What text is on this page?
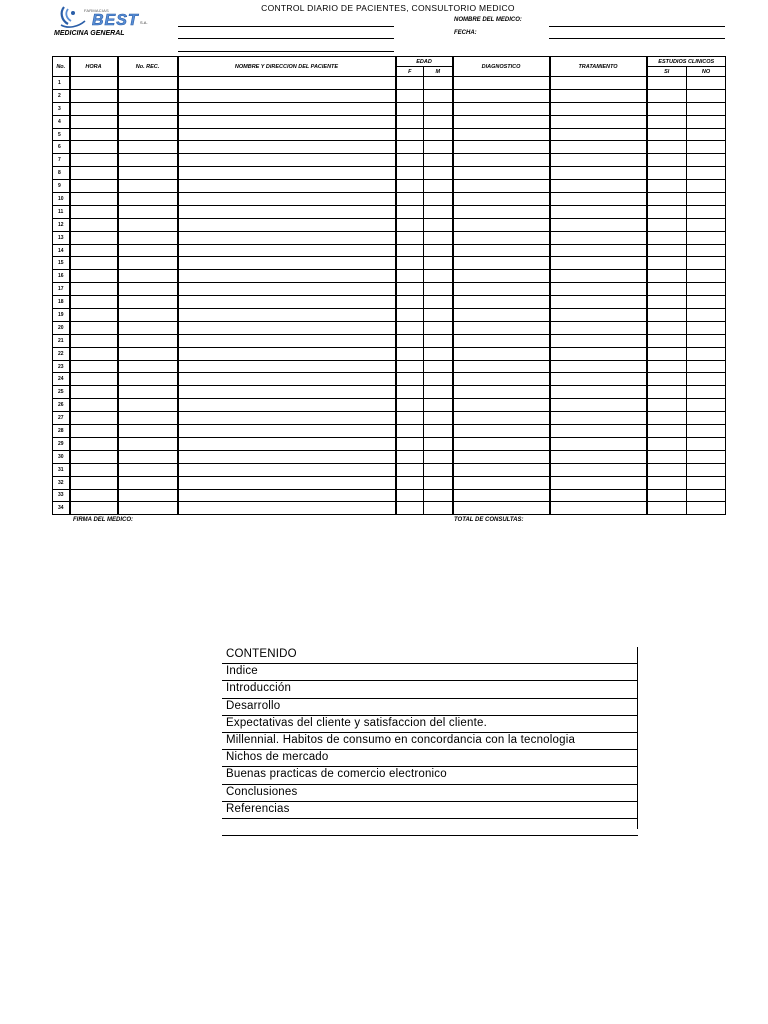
FARMACIAS
BEST S.A.
MEDICINA GENERAL
CONTROL DIARIO DE PACIENTES, CONSULTORIO MEDICO
NOMBRE DEL MEDICO:
FECHA:
No.	HORA	No. REC.	NOMBRE Y DIRECCION DEL PACIENTE	EDAD		DIAGNOSTICO	TRATAMIENTO	ESTUDIOS CLINICOS	
				F	M			SI	NO
1									
2									
3									
4									
5									
6									
7									
8									
9									
10									
11									
12									
13									
14									
15									
16									
17									
18									
19									
20									
21									
22									
23									
24									
25									
26									
27									
28									
29									
30									
31									
32									
33									
34									
FIRMA DEL MEDICO:	TOTAL DE CONSULTAS:
CONTENIDO
Indice
Introducción
Desarrollo
Expectativas del cliente y satisfaccion del cliente.
Millennial. Habitos de consumo en concordancia con la tecnologia
Nichos de mercado
Buenas practicas de comercio electronico
Conclusiones
Referencias
